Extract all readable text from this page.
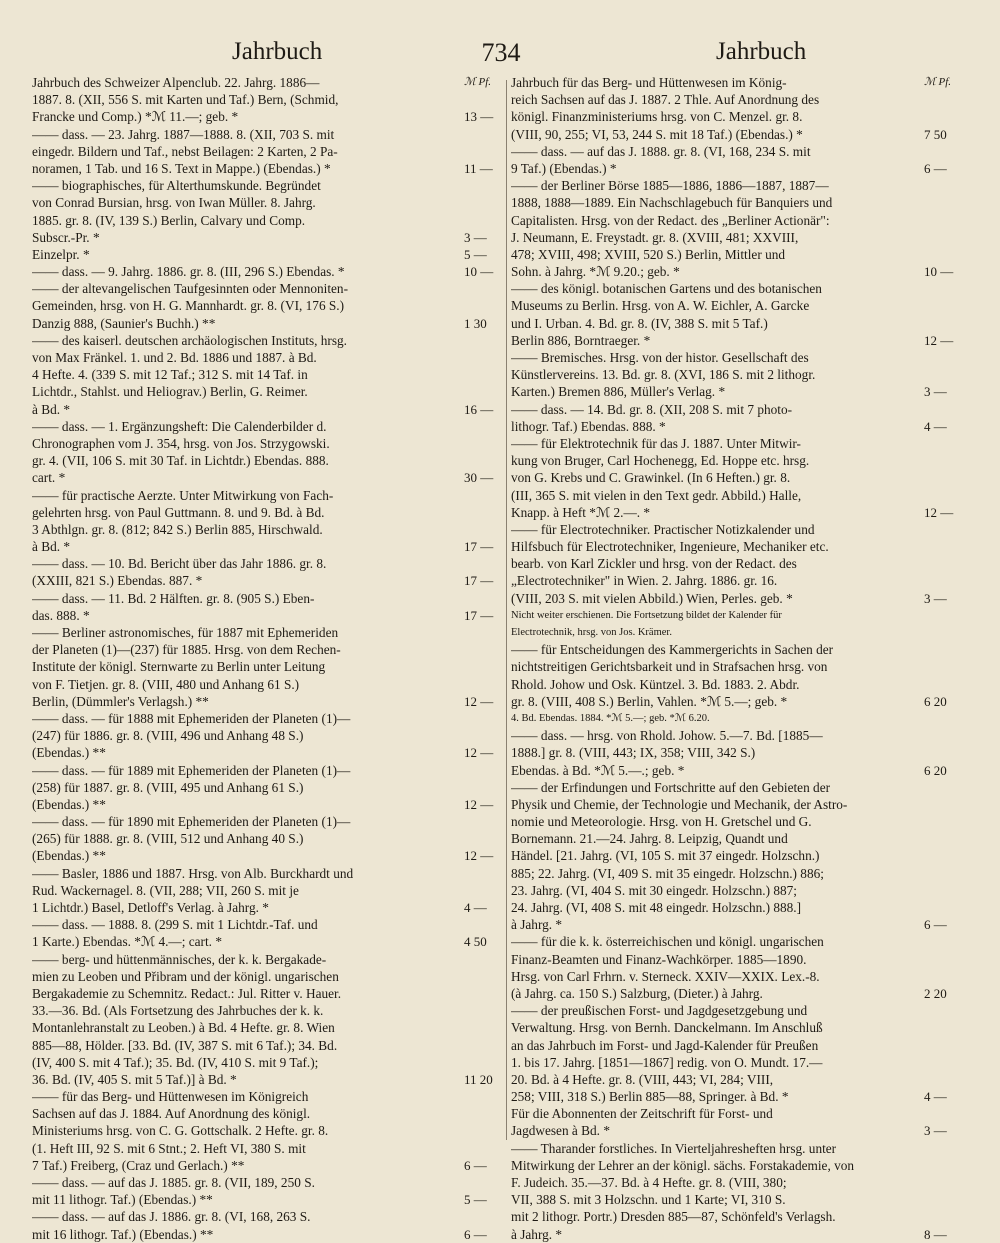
Jahrbuch	734	Jahrbuch
Jahrbuch des Schweizer Alpenclub. 22. Jahrg. 1886—
1887. 8. (XII, 556 S. mit Karten und Taf.) Bern, (Schmid,
Francke und Comp.) *ℳ 11.—; geb. *
—— dass. — 23. Jahrg. 1887—1888. 8. (XII, 703 S. mit
eingedr. Bildern und Taf., nebst Beilagen: 2 Karten, 2 Pa-
noramen, 1 Tab. und 16 S. Text in Mappe.) (Ebendas.) *
—— biographisches, für Alterthumskunde. Begründet
von Conrad Bursian, hrsg. von Iwan Müller. 8. Jahrg.
1885. gr. 8. (IV, 139 S.) Berlin, Calvary und Comp.
Subscr.-Pr. *
Einzelpr. *
—— dass. — 9. Jahrg. 1886. gr. 8. (III, 296 S.) Ebendas. *
—— der altevangelischen Taufgesinnten oder Mennoniten-
Gemeinden, hrsg. von H. G. Mannhardt. gr. 8. (VI, 176 S.)
Danzig 888, (Saunier's Buchh.) **
—— des kaiserl. deutschen archäologischen Instituts, hrsg.
von Max Fränkel. 1. und 2. Bd. 1886 und 1887. à Bd.
4 Hefte. 4. (339 S. mit 12 Taf.; 312 S. mit 14 Taf. in
Lichtdr., Stahlst. und Heliograv.) Berlin, G. Reimer.
à Bd. *
—— dass. — 1. Ergänzungsheft: Die Calenderbilder d.
Chronographen vom J. 354, hrsg. von Jos. Strzygowski.
gr. 4. (VII, 106 S. mit 30 Taf. in Lichtdr.) Ebendas. 888.
cart. *
—— für practische Aerzte. Unter Mitwirkung von Fach-
gelehrten hrsg. von Paul Guttmann. 8. und 9. Bd. à Bd.
3 Abthlgn. gr. 8. (812; 842 S.) Berlin 885, Hirschwald.
à Bd. *
—— dass. — 10. Bd. Bericht über das Jahr 1886. gr. 8.
(XXIII, 821 S.) Ebendas. 887. *
—— dass. — 11. Bd. 2 Hälften. gr. 8. (905 S.) Eben-
das. 888. *
—— Berliner astronomisches, für 1887 mit Ephemeriden
der Planeten (1)—(237) für 1885. Hrsg. von dem Rechen-
Institute der königl. Sternwarte zu Berlin unter Leitung
von F. Tietjen. gr. 8. (VIII, 480 und Anhang 61 S.)
Berlin, (Dümmler's Verlagsh.) **
—— dass. — für 1888 mit Ephemeriden der Planeten (1)—
(247) für 1886. gr. 8. (VIII, 496 und Anhang 48 S.)
(Ebendas.) **
—— dass. — für 1889 mit Ephemeriden der Planeten (1)—
(258) für 1887. gr. 8. (VIII, 495 und Anhang 61 S.)
(Ebendas.) **
—— dass. — für 1890 mit Ephemeriden der Planeten (1)—
(265) für 1888. gr. 8. (VIII, 512 und Anhang 40 S.)
(Ebendas.) **
—— Basler, 1886 und 1887. Hrsg. von Alb. Burckhardt und
Rud. Wackernagel. 8. (VII, 288; VII, 260 S. mit je
1 Lichtdr.) Basel, Detloff's Verlag. à Jahrg. *
—— dass. — 1888. 8. (299 S. mit 1 Lichtdr.-Taf. und
1 Karte.) Ebendas. *ℳ 4.—; cart. *
—— berg- und hüttenmännisches, der k. k. Bergakade-
mien zu Leoben und Přibram und der königl. ungarischen
Bergakademie zu Schemnitz. Redact.: Jul. Ritter v. Hauer.
33.—36. Bd. (Als Fortsetzung des Jahrbuches der k. k.
Montanlehranstalt zu Leoben.) à Bd. 4 Hefte. gr. 8. Wien
885—88, Hölder. [33. Bd. (IV, 387 S. mit 6 Taf.); 34. Bd.
(IV, 400 S. mit 4 Taf.); 35. Bd. (IV, 410 S. mit 9 Taf.);
36. Bd. (IV, 405 S. mit 5 Taf.)] à Bd. *
—— für das Berg- und Hüttenwesen im Königreich
Sachsen auf das J. 1884. Auf Anordnung des königl.
Ministeriums hrsg. von C. G. Gottschalk. 2 Hefte. gr. 8.
(1. Heft III, 92 S. mit 6 Stnt.; 2. Heft VI, 380 S. mit
7 Taf.) Freiberg, (Craz und Gerlach.) **
—— dass. — auf das J. 1885. gr. 8. (VII, 189, 250 S.
mit 11 lithogr. Taf.) (Ebendas.) **
—— dass. — auf das J. 1886. gr. 8. (VI, 168, 263 S.
mit 16 lithogr. Taf.) (Ebendas.) **
ℳ Pf.
13 —
11 —
3 —
5 —
10 —
1 30
16 —
30 —
17 —
17 —
17 —
12 —
12 —
12 —
12 —
4 —
4 50
11 20
6 —
5 —
6 —
Jahrbuch für das Berg- und Hüttenwesen im König-
reich Sachsen auf das J. 1887. 2 Thle. Auf Anordnung des
königl. Finanzministeriums hrsg. von C. Menzel. gr. 8.
(VIII, 90, 255; VI, 53, 244 S. mit 18 Taf.) (Ebendas.) *
—— dass. — auf das J. 1888. gr. 8. (VI, 168, 234 S. mit
9 Taf.) (Ebendas.) *
—— der Berliner Börse 1885—1886, 1886—1887, 1887—
1888, 1888—1889. Ein Nachschlagebuch für Banquiers und
Capitalisten. Hrsg. von der Redact. des „Berliner Actionär":
J. Neumann, E. Freystadt. gr. 8. (XVIII, 481; XXVIII,
478; XVIII, 498; XVIII, 520 S.) Berlin, Mittler und
Sohn. à Jahrg. *ℳ 9.20.; geb. *
—— des königl. botanischen Gartens und des botanischen
Museums zu Berlin. Hrsg. von A. W. Eichler, A. Garcke
und I. Urban. 4. Bd. gr. 8. (IV, 388 S. mit 5 Taf.)
Berlin 886, Borntraeger. *
—— Bremisches. Hrsg. von der histor. Gesellschaft des
Künstlervereins. 13. Bd. gr. 8. (XVI, 186 S. mit 2 lithogr.
Karten.) Bremen 886, Müller's Verlag. *
—— dass. — 14. Bd. gr. 8. (XII, 208 S. mit 7 photo-
lithogr. Taf.) Ebendas. 888. *
—— für Elektrotechnik für das J. 1887. Unter Mitwir-
kung von Bruger, Carl Hochenegg, Ed. Hoppe etc. hrsg.
von G. Krebs und C. Grawinkel. (In 6 Heften.) gr. 8.
(III, 365 S. mit vielen in den Text gedr. Abbild.) Halle,
Knapp. à Heft *ℳ 2.—. *
—— für Electrotechniker. Practischer Notizkalender und
Hilfsbuch für Electrotechniker, Ingenieure, Mechaniker etc.
bearb. von Karl Zickler und hrsg. von der Redact. des
„Electrotechniker" in Wien. 2. Jahrg. 1886. gr. 16.
(VIII, 203 S. mit vielen Abbild.) Wien, Perles. geb. *
Nicht weiter erschienen. Die Fortsetzung bildet der Kalender für
Electrotechnik, hrsg. von Jos. Krämer.
—— für Entscheidungen des Kammergerichts in Sachen der
nichtstreitigen Gerichtsbarkeit und in Strafsachen hrsg. von
Rhold. Johow und Osk. Küntzel. 3. Bd. 1883. 2. Abdr.
gr. 8. (VIII, 408 S.) Berlin, Vahlen. *ℳ 5.—; geb. *
4. Bd. Ebendas. 1884. *ℳ 5.—; geb. *ℳ 6.20.
—— dass. — hrsg. von Rhold. Johow. 5.—7. Bd. [1885—
1888.] gr. 8. (VIII, 443; IX, 358; VIII, 342 S.)
Ebendas. à Bd. *ℳ 5.—.; geb. *
—— der Erfindungen und Fortschritte auf den Gebieten der
Physik und Chemie, der Technologie und Mechanik, der Astro-
nomie und Meteorologie. Hrsg. von H. Gretschel und G.
Bornemann. 21.—24. Jahrg. 8. Leipzig, Quandt und
Händel. [21. Jahrg. (VI, 105 S. mit 37 eingedr. Holzschn.)
885; 22. Jahrg. (VI, 409 S. mit 35 eingedr. Holzschn.) 886;
23. Jahrg. (VI, 404 S. mit 30 eingedr. Holzschn.) 887;
24. Jahrg. (VI, 408 S. mit 48 eingedr. Holzschn.) 888.]
à Jahrg. *
—— für die k. k. österreichischen und königl. ungarischen
Finanz-Beamten und Finanz-Wachkörper. 1885—1890.
Hrsg. von Carl Frhrn. v. Sterneck. XXIV—XXIX. Lex.-8.
(à Jahrg. ca. 150 S.) Salzburg, (Dieter.) à Jahrg.
—— der preußischen Forst- und Jagdgesetzgebung und
Verwaltung. Hrsg. von Bernh. Danckelmann. Im Anschluß
an das Jahrbuch im Forst- und Jagd-Kalender für Preußen
1. bis 17. Jahrg. [1851—1867] redig. von O. Mundt. 17.—
20. Bd. à 4 Hefte. gr. 8. (VIII, 443; VI, 284; VIII,
258; VIII, 318 S.) Berlin 885—88, Springer. à Bd. *
Für die Abonnenten der Zeitschrift für Forst- und
Jagdwesen à Bd. *
—— Tharander forstliches. In Vierteljahresheften hrsg. unter
Mitwirkung der Lehrer an der königl. sächs. Forstakademie, von
F. Judeich. 35.—37. Bd. à 4 Hefte. gr. 8. (VIII, 380;
VII, 388 S. mit 3 Holzschn. und 1 Karte; VI, 310 S.
mit 2 lithogr. Portr.) Dresden 885—87, Schönfeld's Verlagsh.
à Jahrg. *
ℳ Pf.
7 50
6 —
10 —
12 —
3 —
4 —
12 —
3 —
6 20
6 20
6 —
2 20
4 —
3 —
8 —
